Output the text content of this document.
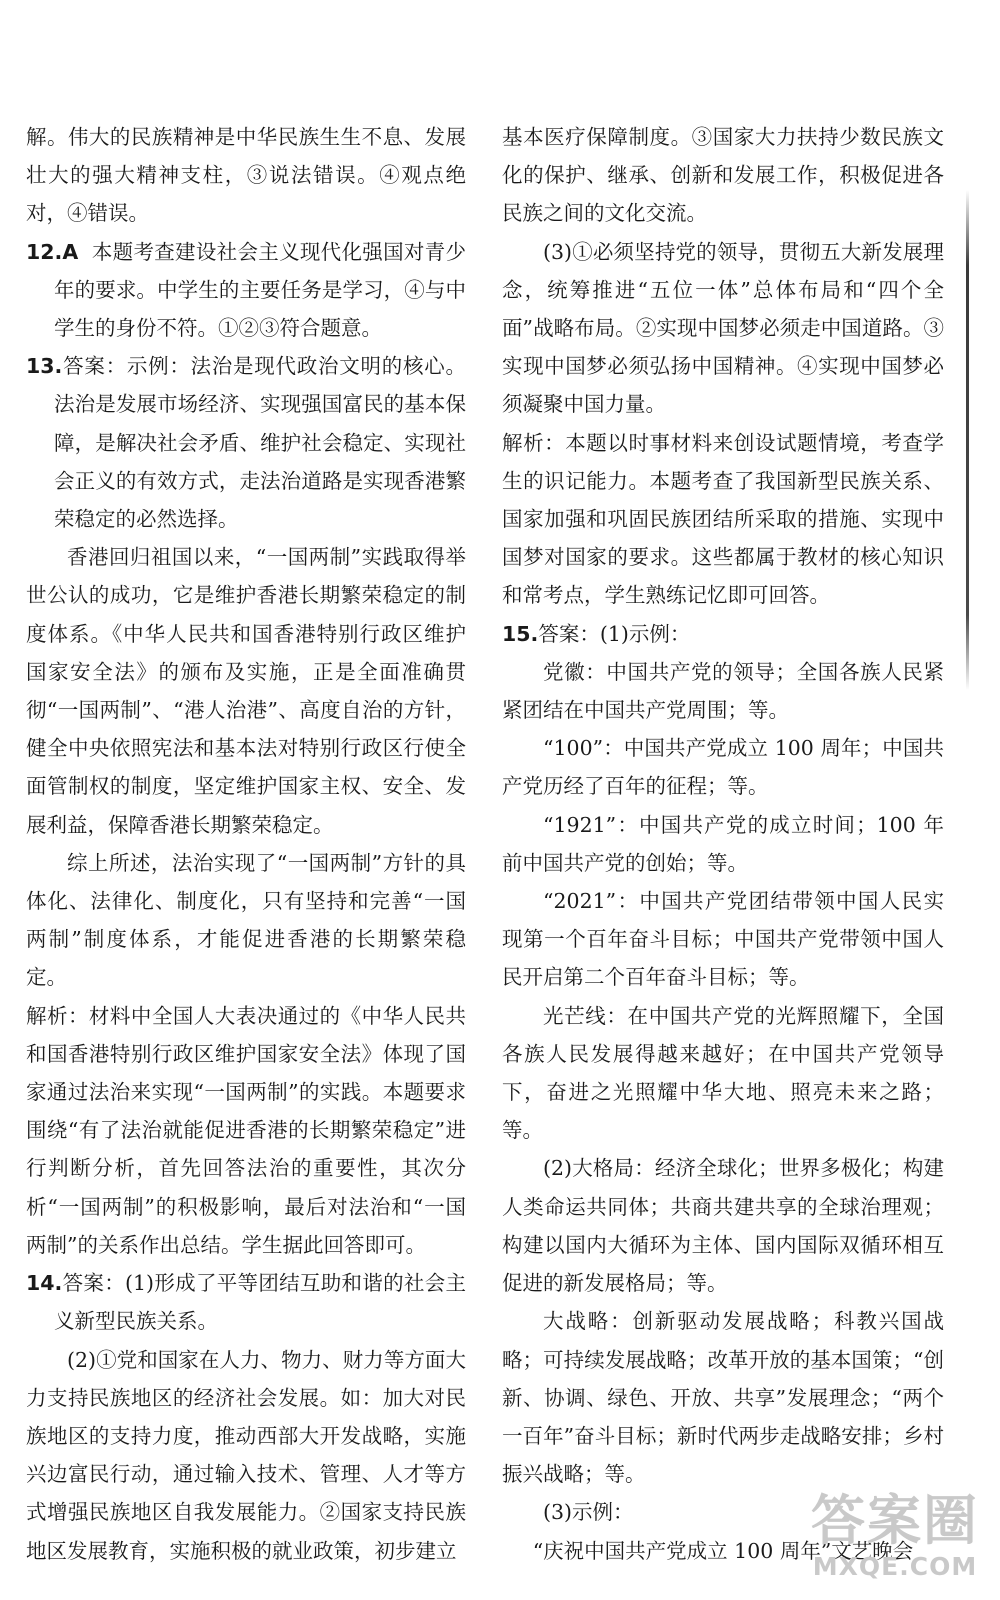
解。伟大的民族精神是中华民族生生不息、发展壮大的强大精神支柱，③说法错误。④观点绝对，④错误。

12.A 本题考查建设社会主义现代化强国对青少年的要求。中学生的主要任务是学习，④与中学生的身份不符。①②③符合题意。

13.答案：示例：法治是现代政治文明的核心。法治是发展市场经济、实现强国富民的基本保障，是解决社会矛盾、维护社会稳定、实现社会正义的有效方式，走法治道路是实现香港繁荣稳定的必然选择。

香港回归祖国以来，“一国两制”实践取得举世公认的成功，它是维护香港长期繁荣稳定的制度体系。《中华人民共和国香港特别行政区维护国家安全法》的颁布及实施，正是全面准确贯彻“一国两制”、“港人治港”、高度自治的方针，健全中央依照宪法和基本法对特别行政区行使全面管制权的制度，坚定维护国家主权、安全、发展利益，保障香港长期繁荣稳定。

综上所述，法治实现了“一国两制”方针的具体化、法律化、制度化，只有坚持和完善“一国两制”制度体系，才能促进香港的长期繁荣稳定。

解析：材料中全国人大表决通过的《中华人民共和国香港特别行政区维护国家安全法》体现了国家通过法治来实现“一国两制”的实践。本题要求围绕“有了法治就能促进香港的长期繁荣稳定”进行判断分析，首先回答法治的重要性，其次分析“一国两制”的积极影响，最后对法治和“一国两制”的关系作出总结。学生据此回答即可。

14.答案：(1)形成了平等团结互助和谐的社会主义新型民族关系。

(2)①党和国家在人力、物力、财力等方面大力支持民族地区的经济社会发展。如：加大对民族地区的支持力度，推动西部大开发战略，实施兴边富民行动，通过输入技术、管理、人才等方式增强民族地区自我发展能力。②国家支持民族地区发展教育，实施积极的就业政策，初步建立

基本医疗保障制度。③国家大力扶持少数民族文化的保护、继承、创新和发展工作，积极促进各民族之间的文化交流。

(3)①必须坚持党的领导，贯彻五大新发展理念，统筹推进“五位一体”总体布局和“四个全面”战略布局。②实现中国梦必须走中国道路。③实现中国梦必须弘扬中国精神。④实现中国梦必须凝聚中国力量。

解析：本题以时事材料来创设试题情境，考查学生的识记能力。本题考查了我国新型民族关系、国家加强和巩固民族团结所采取的措施、实现中国梦对国家的要求。这些都属于教材的核心知识和常考点，学生熟练记忆即可回答。

15.答案：(1)示例：

党徽：中国共产党的领导；全国各族人民紧紧团结在中国共产党周围；等。

“100”：中国共产党成立 100 周年；中国共产党历经了百年的征程；等。

“1921”：中国共产党的成立时间；100 年前中国共产党的创始；等。

“2021”：中国共产党团结带领中国人民实现第一个百年奋斗目标；中国共产党带领中国人民开启第二个百年奋斗目标；等。

光芒线：在中国共产党的光辉照耀下，全国各族人民发展得越来越好；在中国共产党领导下，奋进之光照耀中华大地、照亮未来之路；等。

(2)大格局：经济全球化；世界多极化；构建人类命运共同体；共商共建共享的全球治理观；构建以国内大循环为主体、国内国际双循环相互促进的新发展格局；等。

大战略：创新驱动发展战略；科教兴国战略；可持续发展战略；改革开放的基本国策；“创新、协调、绿色、开放、共享”发展理念；“两个一百年”奋斗目标；新时代两步走战略安排；乡村振兴战略；等。

(3)示例：

“庆祝中国共产党成立 100 周年”文艺晚会

答案圈
MXQE.COM
